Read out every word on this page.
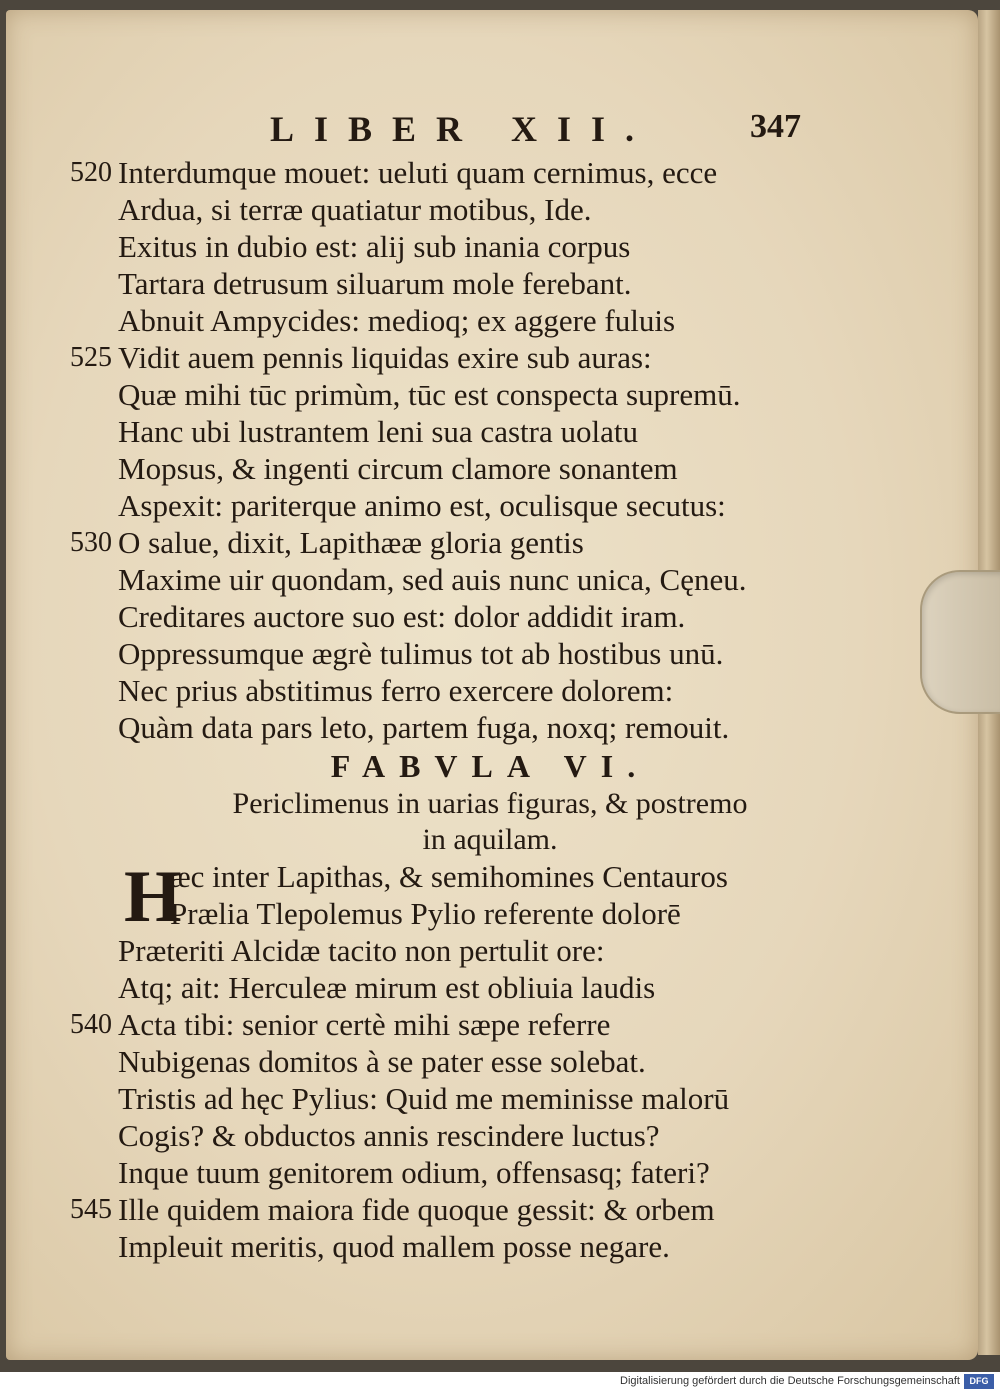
LIBER XII.	347
520 Interdumque mouet: ueluti quam cernimus, ecce
Ardua, si terræ quatiatur motibus, Ide.
Exitus in dubio est: alij sub inania corpus
Tartara detrusum siluarum mole ferebant.
Abnuit Ampycides: medioq; ex aggere fuluis
525 Vidit auem pennis liquidas exire sub auras:
Quæ mihi tūc primùm, tūc est conspecta supremū.
Hanc ubi lustrantem leni sua castra uolatu
Mopsus, & ingenti circum clamore sonantem
Aspexit: pariterque animo est, oculisque secutus:
530 O salue, dixit, Lapithææ gloria gentis
Maxime uir quondam, sed auis nunc unica, Cęneu.
Creditares auctore suo est: dolor addidit iram.
Oppressumque ægrè tulimus tot ab hostibus unū.
Nec prius abstitimus ferro exercere dolorem:
Quàm data pars leto, partem fuga, noxq; remouit.
FABVLA VI.
Periclimenus in uarias figuras, & postremo
in aquilam.
H
æc inter Lapithas, & semihomines Centauros
Prælia Tlepolemus Pylio referente dolorē
Præteriti Alcidæ tacito non pertulit ore:
Atq; ait: Herculeæ mirum est obliuia laudis
540 Acta tibi: senior certè mihi sæpe referre
Nubigenas domitos à se pater esse solebat.
Tristis ad hęc Pylius: Quid me meminisse malorū
Cogis? & obductos annis rescindere luctus?
Inque tuum genitorem odium, offensasq; fateri?
545 Ille quidem maiora fide quoque gessit: & orbem
Impleuit meritis, quod mallem posse negare.
Digitalisierung gefördert durch die Deutsche Forschungsgemeinschaft	DFG
